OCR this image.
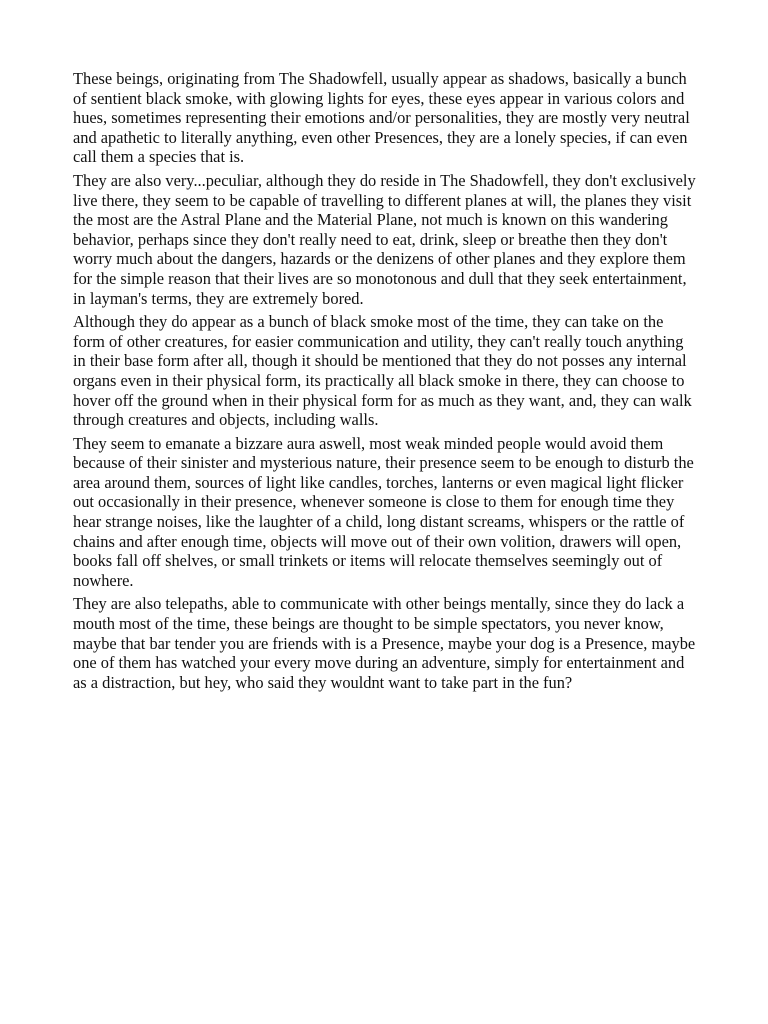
These beings, originating from The Shadowfell, usually appear as shadows, basically a bunch of sentient black smoke, with glowing lights for eyes, these eyes appear in various colors and hues, sometimes representing their emotions and/or personalities, they are mostly very neutral and apathetic to literally anything, even other Presences, they are a lonely species, if can even call them a species that is.

They are also very...peculiar, although they do reside in The Shadowfell, they don't exclusively live there, they seem to be capable of travelling to different planes at will, the planes they visit the most are the Astral Plane and the Material Plane, not much is known on this wandering behavior, perhaps since they don't really need to eat, drink, sleep or breathe then they don't worry much about the dangers, hazards or the denizens of other planes and they explore them for the simple reason that their lives are so monotonous and dull that they seek entertainment, in layman's terms, they are extremely bored.

Although they do appear as a bunch of black smoke most of the time, they can take on the form of other creatures, for easier communication and utility, they can't really touch anything in their base form after all, though it should be mentioned that they do not posses any internal organs even in their physical form, its practically all black smoke in there, they can choose to hover off the ground when in their physical form for as much as they want, and, they can walk through creatures and objects, including walls.

They seem to emanate a bizzare aura aswell, most weak minded people would avoid them because of their sinister and mysterious nature, their presence seem to be enough to disturb the area around them, sources of light like candles, torches, lanterns or even magical light flicker out occasionally in their presence, whenever someone is close to them for enough time they hear strange noises, like the laughter of a child, long distant screams, whispers or the rattle of chains and after enough time, objects will move out of their own volition, drawers will open, books fall off shelves, or small trinkets or items will relocate themselves seemingly out of nowhere.

They are also telepaths, able to communicate with other beings mentally, since they do lack a mouth most of the time, these beings are thought to be simple spectators, you never know, maybe that bar tender you are friends with is a Presence, maybe your dog is a Presence, maybe one of them has watched your every move during an adventure, simply for entertainment and as a distraction, but hey, who said they wouldnt want to take part in the fun?
